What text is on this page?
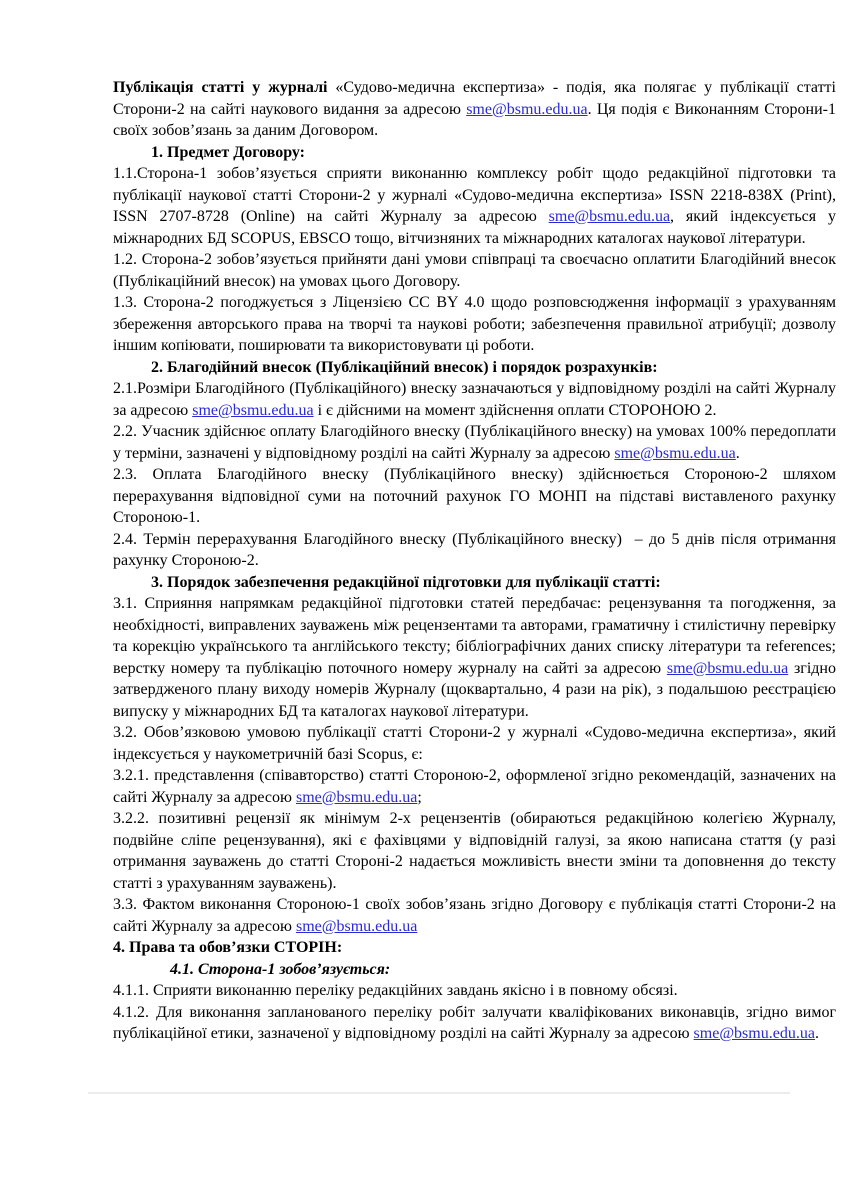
Публікація статті у журналі «Судово-медична експертиза» - подія, яка полягає у публікації статті Сторони-2 на сайті наукового видання за адресою sme@bsmu.edu.ua. Ця подія є Виконанням Сторони-1 своїх зобов’язань за даним Договором.

1. Предмет Договору:

1.1.Сторона-1 зобов’язується сприяти виконанню комплексу робіт щодо редакційної підготовки та публікації наукової статті Сторони-2 у журналі «Судово-медична експертиза» ISSN 2218-838X (Print), ISSN 2707-8728 (Online) на сайті Журналу за адресою sme@bsmu.edu.ua, який індексується у міжнародних БД SCOPUS, EBSCO тощо, вітчизняних та міжнародних каталогах наукової літератури.

1.2. Сторона-2 зобов’язується прийняти дані умови співпраці та своєчасно оплатити Благодійний внесок (Публікаційний внесок) на умовах цього Договору.

1.3. Сторона-2 погоджується з Ліцензією CC BY 4.0 щодо розповсюдження інформації з урахуванням збереження авторського права на творчі та наукові роботи; забезпечення правильної атрибуції; дозволу іншим копіювати, поширювати та використовувати ці роботи.

2. Благодійний внесок (Публікаційний внесок) і порядок розрахунків:

2.1.Розміри Благодійного (Публікаційного) внеску зазначаються у відповідному розділі на сайті Журналу за адресою sme@bsmu.edu.ua і є дійсними на момент здійснення оплати СТОРОНОЮ 2.

2.2. Учасник здійснює оплату Благодійного внеску (Публікаційного внеску) на умовах 100% передоплати у терміни, зазначені у відповідному розділі на сайті Журналу за адресою sme@bsmu.edu.ua.

2.3. Оплата Благодійного внеску (Публікаційного внеску) здійснюється Стороною-2 шляхом перерахування відповідної суми на поточний рахунок ГО МОНП на підставі виставленого рахунку Стороною-1.

2.4. Термін перерахування Благодійного внеску (Публікаційного внеску)  – до 5 днів після отримання рахунку Стороною-2.

3. Порядок забезпечення редакційної підготовки для публікації статті:

3.1. Сприяння напрямкам редакційної підготовки статей передбачає: рецензування та погодження, за необхідності, виправлених зауважень між рецензентами та авторами, граматичну і стилістичну перевірку та корекцію українського та англійського тексту; бібліографічних даних списку літератури та references; верстку номеру та публікацію поточного номеру журналу на сайті за адресою sme@bsmu.edu.ua згідно затвердженого плану виходу номерів Журналу (щоквартально, 4 рази на рік), з подальшою реєстрацією випуску у міжнародних БД та каталогах наукової літератури.

3.2. Обов’язковою умовою публікації статті Сторони-2 у журналі «Судово-медична експертиза», який індексується у наукометричній базі Scopus, є:

3.2.1. представлення (співавторство) статті Стороною-2, оформленої згідно рекомендацій, зазначених на сайті Журналу за адресою sme@bsmu.edu.ua;

3.2.2. позитивні рецензії як мінімум 2-х рецензентів (обираються редакційною колегією Журналу, подвійне сліпе рецензування), які є фахівцями у відповідній галузі, за якою написана стаття (у разі отримання зауважень до статті Стороні-2 надається можливість внести зміни та доповнення до тексту статті з урахуванням зауважень).

3.3. Фактом виконання Стороною-1 своїх зобов’язань згідно Договору є публікація статті Сторони-2 на сайті Журналу за адресою sme@bsmu.edu.ua

4. Права та обов’язки СТОРІН:

4.1. Сторона-1 зобов’язується:

4.1.1. Сприяти виконанню переліку редакційних завдань якісно і в повному обсязі.

4.1.2. Для виконання запланованого переліку робіт залучати кваліфікованих виконавців, згідно вимог публікаційної етики, зазначеної у відповідному розділі на сайті Журналу за адресою sme@bsmu.edu.ua.
